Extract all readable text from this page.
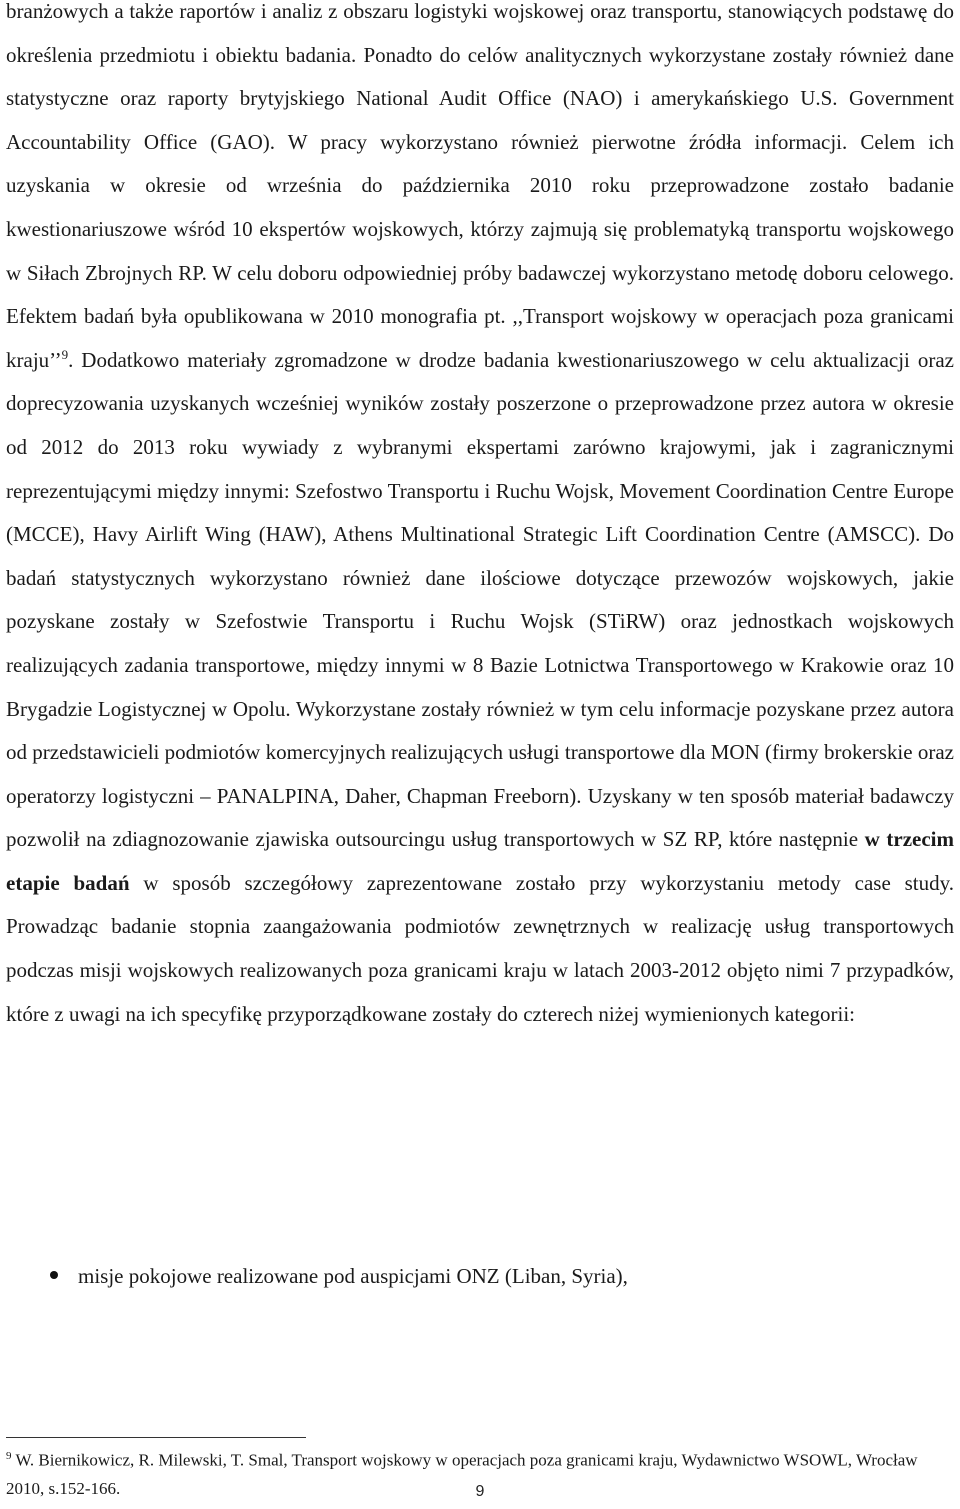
branżowych a także raportów i analiz z obszaru logistyki wojskowej oraz transportu, stanowiących podstawę do określenia przedmiotu i obiektu badania. Ponadto do celów analitycznych wykorzystane zostały również dane statystyczne oraz raporty brytyjskiego National Audit Office (NAO) i amerykańskiego U.S. Government Accountability Office (GAO). W pracy wykorzystano również pierwotne źródła informacji. Celem ich uzyskania w okresie od września do października 2010 roku przeprowadzone zostało badanie kwestionariuszowe wśród 10 ekspertów wojskowych, którzy zajmują się problematyką transportu wojskowego w Siłach Zbrojnych RP. W celu doboru odpowiedniej próby badawczej wykorzystano metodę doboru celowego. Efektem badań była opublikowana w 2010 monografia pt. ,,Transport wojskowy w operacjach poza granicami kraju’’$^9$. Dodatkowo materiały zgromadzone w drodze badania kwestionariuszowego w celu aktualizacji oraz doprecyzowania uzyskanych wcześniej wyników zostały poszerzone o przeprowadzone przez autora w okresie od 2012 do 2013 roku wywiady z wybranymi ekspertami zarówno krajowymi, jak i zagranicznymi reprezentującymi między innymi: Szefostwo Transportu i Ruchu Wojsk, Movement Coordination Centre Europe (MCCE), Havy Airlift Wing (HAW), Athens Multinational Strategic Lift Coordination Centre (AMSCC). Do badań statystycznych wykorzystano również dane ilościowe dotyczące przewozów wojskowych, jakie pozyskane zostały w Szefostwie Transportu i Ruchu Wojsk (STiRW) oraz jednostkach wojskowych realizujących zadania transportowe, między innymi w 8 Bazie Lotnictwa Transportowego w Krakowie oraz 10 Brygadzie Logistycznej w Opolu. Wykorzystane zostały również w tym celu informacje pozyskane przez autora od przedstawicieli podmiotów komercyjnych realizujących usługi transportowe dla MON (firmy brokerskie oraz operatorzy logistyczni – PANALPINA, Daher, Chapman Freeborn). Uzyskany w ten sposób materiał badawczy pozwolił na zdiagnozowanie zjawiska outsourcingu usług transportowych w SZ RP, które następnie w trzecim etapie badań w sposób szczegółowy zaprezentowane zostało przy wykorzystaniu metody case study. Prowadząc badanie stopnia zaangażowania podmiotów zewnętrznych w realizację usług transportowych podczas misji wojskowych realizowanych poza granicami kraju w latach 2003-2012 objęto nimi 7 przypadków, które z uwagi na ich specyfikę przyporządkowane zostały do czterech niżej wymienionych kategorii:

misje pokojowe realizowane pod auspicjami ONZ (Liban, Syria),

$^9$ W. Biernikowicz, R. Milewski, T. Smal, Transport wojskowy w operacjach poza granicami kraju, Wydawnictwo WSOWL, Wrocław 2010, s.152-166.	9
